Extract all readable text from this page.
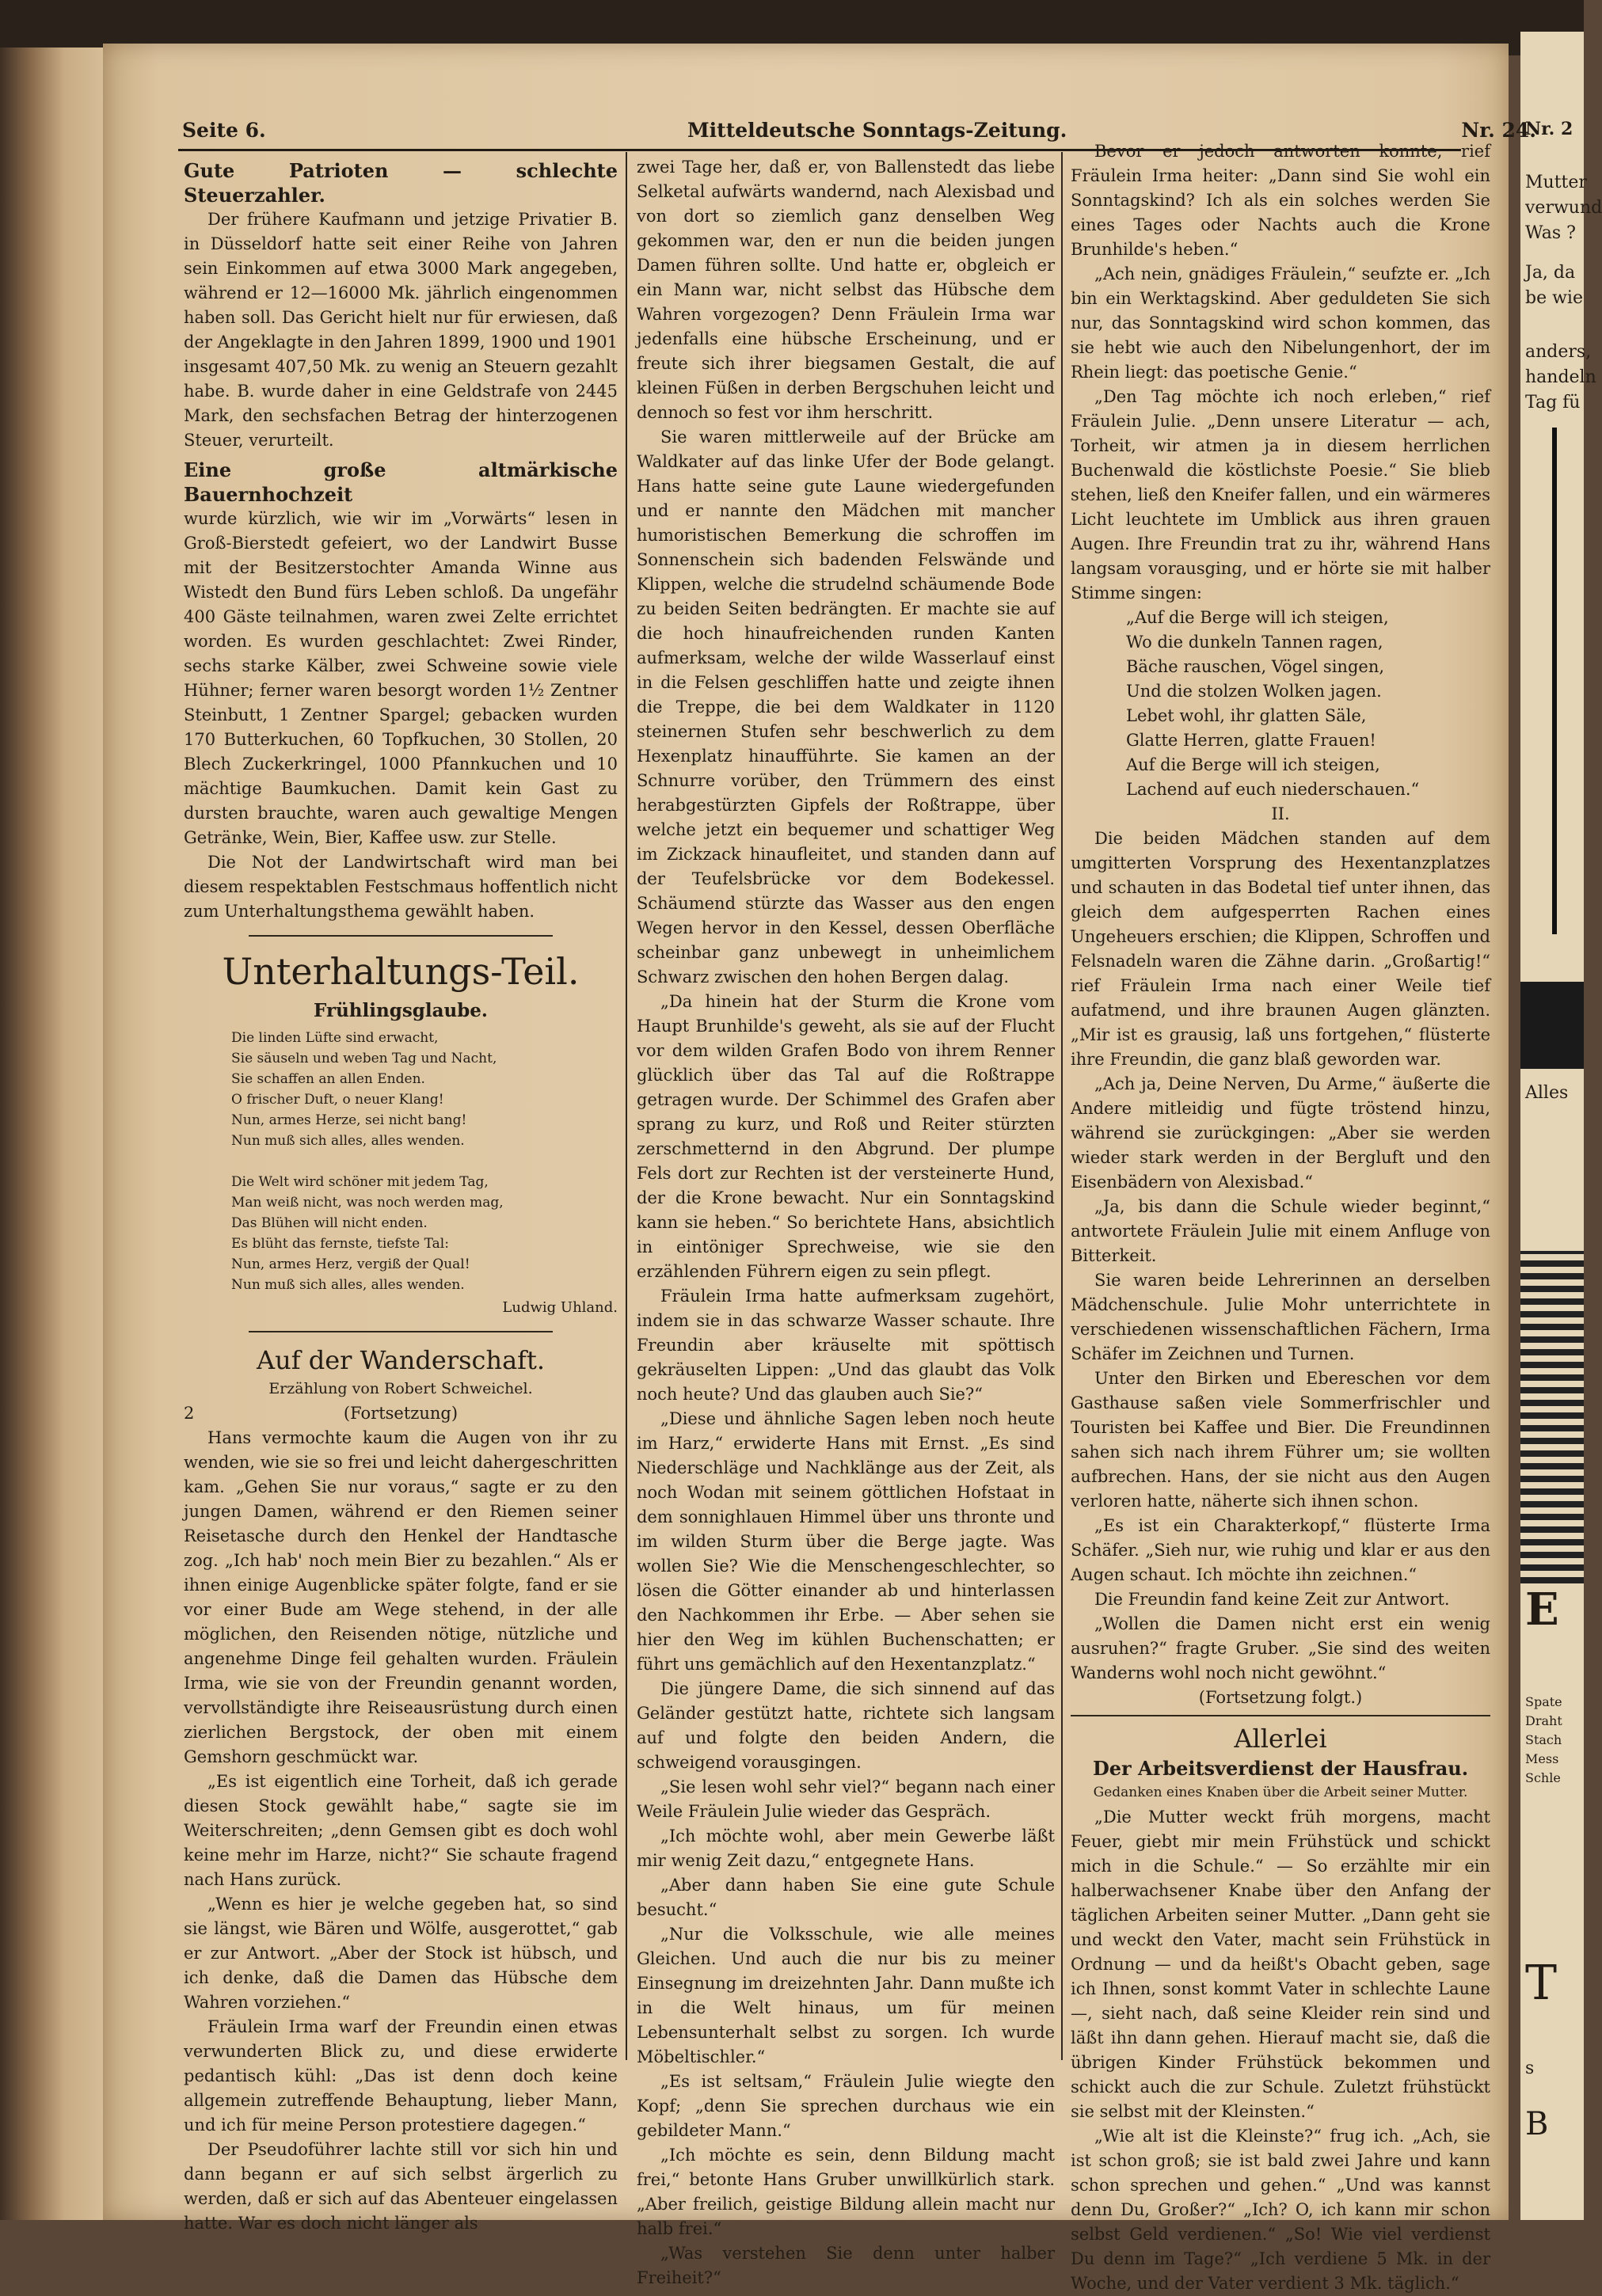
Nr. 2
Mutter
verwund
Was ?
Ja, da
be wie
anders,
handeln
Tag fü
Alles
E
Spate
Draht
Stach
Mess
Schle
T
s
B
Seite 6.	Mitteldeutsche Sonntags-Zeitung.	Nr. 24.

Gute Patrioten — schlechte Steuerzahler.

Der frühere Kaufmann und jetzige Privatier B. in Düsseldorf hatte seit einer Reihe von Jahren sein Einkommen auf etwa 3000 Mark angegeben, während er 12—16000 Mk. jährlich eingenommen haben soll. Das Gericht hielt nur für erwiesen, daß der Angeklagte in den Jahren 1899, 1900 und 1901 insgesamt 407,50 Mk. zu wenig an Steuern gezahlt habe. B. wurde daher in eine Geldstrafe von 2445 Mark, den sechsfachen Betrag der hinterzogenen Steuer, verurteilt.

Eine große altmärkische Bauernhochzeit

wurde kürzlich, wie wir im „Vorwärts“ lesen in Groß-Bierstedt gefeiert, wo der Landwirt Busse mit der Besitzerstochter Amanda Winne aus Wistedt den Bund fürs Leben schloß. Da ungefähr 400 Gäste teilnahmen, waren zwei Zelte errichtet worden. Es wurden geschlachtet: Zwei Rinder, sechs starke Kälber, zwei Schweine sowie viele Hühner; ferner waren besorgt worden 1½ Zentner Steinbutt, 1 Zentner Spargel; gebacken wurden 170 Butterkuchen, 60 Topfkuchen, 30 Stollen, 20 Blech Zuckerkringel, 1000 Pfannkuchen und 10 mächtige Baumkuchen. Damit kein Gast zu dursten brauchte, waren auch gewaltige Mengen Getränke, Wein, Bier, Kaffee usw. zur Stelle.

Die Not der Landwirtschaft wird man bei diesem respektablen Festschmaus hoffentlich nicht zum Unterhaltungsthema gewählt haben.

Unterhaltungs-Teil.

Frühlingsglaube.

Die linden Lüfte sind erwacht,
Sie säuseln und weben Tag und Nacht,
Sie schaffen an allen Enden.
O frischer Duft, o neuer Klang!
Nun, armes Herze, sei nicht bang!
Nun muß sich alles, alles wenden.

Die Welt wird schöner mit jedem Tag,
Man weiß nicht, was noch werden mag,
Das Blühen will nicht enden.
Es blüht das fernste, tiefste Tal:
Nun, armes Herz, vergiß der Qual!
Nun muß sich alles, alles wenden.

Ludwig Uhland.

Auf der Wanderschaft.

Erzählung von Robert Schweichel.

2	(Fortsetzung)

Hans vermochte kaum die Augen von ihr zu wenden, wie sie so frei und leicht dahergeschritten kam. „Gehen Sie nur voraus,“ sagte er zu den jungen Damen, während er den Riemen seiner Reisetasche durch den Henkel der Handtasche zog. „Ich hab' noch mein Bier zu bezahlen.“ Als er ihnen einige Augenblicke später folgte, fand er sie vor einer Bude am Wege stehend, in der alle möglichen, den Reisenden nötige, nützliche und angenehme Dinge feil gehalten wurden. Fräulein Irma, wie sie von der Freundin genannt worden, vervollständigte ihre Reiseausrüstung durch einen zierlichen Bergstock, der oben mit einem Gemshorn geschmückt war.

„Es ist eigentlich eine Torheit, daß ich gerade diesen Stock gewählt habe,“ sagte sie im Weiterschreiten; „denn Gemsen gibt es doch wohl keine mehr im Harze, nicht?“ Sie schaute fragend nach Hans zurück.

„Wenn es hier je welche gegeben hat, so sind sie längst, wie Bären und Wölfe, ausgerottet,“ gab er zur Antwort. „Aber der Stock ist hübsch, und ich denke, daß die Damen das Hübsche dem Wahren vorziehen.“

Fräulein Irma warf der Freundin einen etwas verwunderten Blick zu, und diese erwiderte pedantisch kühl: „Das ist denn doch keine allgemein zutreffende Behauptung, lieber Mann, und ich für meine Person protestiere dagegen.“

Der Pseudoführer lachte still vor sich hin und dann begann er auf sich selbst ärgerlich zu werden, daß er sich auf das Abenteuer eingelassen hatte. War es doch nicht länger als

zwei Tage her, daß er, von Ballenstedt das liebe Selketal aufwärts wandernd, nach Alexisbad und von dort so ziemlich ganz denselben Weg gekommen war, den er nun die beiden jungen Damen führen sollte. Und hatte er, obgleich er ein Mann war, nicht selbst das Hübsche dem Wahren vorgezogen? Denn Fräulein Irma war jedenfalls eine hübsche Erscheinung, und er freute sich ihrer biegsamen Gestalt, die auf kleinen Füßen in derben Bergschuhen leicht und dennoch so fest vor ihm herschritt.

Sie waren mittlerweile auf der Brücke am Waldkater auf das linke Ufer der Bode gelangt. Hans hatte seine gute Laune wiedergefunden und er nannte den Mädchen mit mancher humoristischen Bemerkung die schroffen im Sonnenschein sich badenden Felswände und Klippen, welche die strudelnd schäumende Bode zu beiden Seiten bedrängten. Er machte sie auf die hoch hinaufreichenden runden Kanten aufmerksam, welche der wilde Wasserlauf einst in die Felsen geschliffen hatte und zeigte ihnen die Treppe, die bei dem Waldkater in 1120 steinernen Stufen sehr beschwerlich zu dem Hexenplatz hinaufführte. Sie kamen an der Schnurre vorüber, den Trümmern des einst herabgestürzten Gipfels der Roßtrappe, über welche jetzt ein bequemer und schattiger Weg im Zickzack hinaufleitet, und standen dann auf der Teufelsbrücke vor dem Bodekessel. Schäumend stürzte das Wasser aus den engen Wegen hervor in den Kessel, dessen Oberfläche scheinbar ganz unbewegt in unheimlichem Schwarz zwischen den hohen Bergen dalag.

„Da hinein hat der Sturm die Krone vom Haupt Brunhilde's geweht, als sie auf der Flucht vor dem wilden Grafen Bodo von ihrem Renner glücklich über das Tal auf die Roßtrappe getragen wurde. Der Schimmel des Grafen aber sprang zu kurz, und Roß und Reiter stürzten zerschmetternd in den Abgrund. Der plumpe Fels dort zur Rechten ist der versteinerte Hund, der die Krone bewacht. Nur ein Sonntagskind kann sie heben.“ So berichtete Hans, absichtlich in eintöniger Sprechweise, wie sie den erzählenden Führern eigen zu sein pflegt.

Fräulein Irma hatte aufmerksam zugehört, indem sie in das schwarze Wasser schaute. Ihre Freundin aber kräuselte mit spöttisch gekräuselten Lippen: „Und das glaubt das Volk noch heute? Und das glauben auch Sie?“

„Diese und ähnliche Sagen leben noch heute im Harz,“ erwiderte Hans mit Ernst. „Es sind Niederschläge und Nachklänge aus der Zeit, als noch Wodan mit seinem göttlichen Hofstaat in dem sonnighlauen Himmel über uns thronte und im wilden Sturm über die Berge jagte. Was wollen Sie? Wie die Menschengeschlechter, so lösen die Götter einander ab und hinterlassen den Nachkommen ihr Erbe. — Aber sehen sie hier den Weg im kühlen Buchenschatten; er führt uns gemächlich auf den Hexentanzplatz.“

Die jüngere Dame, die sich sinnend auf das Geländer gestützt hatte, richtete sich langsam auf und folgte den beiden Andern, die schweigend vorausgingen.

„Sie lesen wohl sehr viel?“ begann nach einer Weile Fräulein Julie wieder das Gespräch.

„Ich möchte wohl, aber mein Gewerbe läßt mir wenig Zeit dazu,“ entgegnete Hans.

„Aber dann haben Sie eine gute Schule besucht.“

„Nur die Volksschule, wie alle meines Gleichen. Und auch die nur bis zu meiner Einsegnung im dreizehnten Jahr. Dann mußte ich in die Welt hinaus, um für meinen Lebensunterhalt selbst zu sorgen. Ich wurde Möbeltischler.“

„Es ist seltsam,“ Fräulein Julie wiegte den Kopf; „denn Sie sprechen durchaus wie ein gebildeter Mann.“

„Ich möchte es sein, denn Bildung macht frei,“ betonte Hans Gruber unwillkürlich stark. „Aber freilich, geistige Bildung allein macht nur halb frei.“

„Was verstehen Sie denn unter halber Freiheit?“

Bevor er jedoch antworten konnte, rief Fräulein Irma heiter: „Dann sind Sie wohl ein Sonntagskind? Ich als ein solches werden Sie eines Tages oder Nachts auch die Krone Brunhilde's heben.“

„Ach nein, gnädiges Fräulein,“ seufzte er. „Ich bin ein Werktagskind. Aber geduldeten Sie sich nur, das Sonntagskind wird schon kommen, das sie hebt wie auch den Nibelungenhort, der im Rhein liegt: das poetische Genie.“

„Den Tag möchte ich noch erleben,“ rief Fräulein Julie. „Denn unsere Literatur — ach, Torheit, wir atmen ja in diesem herrlichen Buchenwald die köstlichste Poesie.“ Sie blieb stehen, ließ den Kneifer fallen, und ein wärmeres Licht leuchtete im Umblick aus ihren grauen Augen. Ihre Freundin trat zu ihr, während Hans langsam vorausging, und er hörte sie mit halber Stimme singen:

„Auf die Berge will ich steigen,
Wo die dunkeln Tannen ragen,
Bäche rauschen, Vögel singen,
Und die stolzen Wolken jagen.
Lebet wohl, ihr glatten Säle,
Glatte Herren, glatte Frauen!
Auf die Berge will ich steigen,
Lachend auf euch niederschauen.“

II.

Die beiden Mädchen standen auf dem umgitterten Vorsprung des Hexentanzplatzes und schauten in das Bodetal tief unter ihnen, das gleich dem aufgesperrten Rachen eines Ungeheuers erschien; die Klippen, Schroffen und Felsnadeln waren die Zähne darin. „Großartig!“ rief Fräulein Irma nach einer Weile tief aufatmend, und ihre braunen Augen glänzten. „Mir ist es grausig, laß uns fortgehen,“ flüsterte ihre Freundin, die ganz blaß geworden war.

„Ach ja, Deine Nerven, Du Arme,“ äußerte die Andere mitleidig und fügte tröstend hinzu, während sie zurückgingen: „Aber sie werden wieder stark werden in der Bergluft und den Eisenbädern von Alexisbad.“

„Ja, bis dann die Schule wieder beginnt,“ antwortete Fräulein Julie mit einem Anfluge von Bitterkeit.

Sie waren beide Lehrerinnen an derselben Mädchenschule. Julie Mohr unterrichtete in verschiedenen wissenschaftlichen Fächern, Irma Schäfer im Zeichnen und Turnen.

Unter den Birken und Ebereschen vor dem Gasthause saßen viele Sommerfrischler und Touristen bei Kaffee und Bier. Die Freundinnen sahen sich nach ihrem Führer um; sie wollten aufbrechen. Hans, der sie nicht aus den Augen verloren hatte, näherte sich ihnen schon.

„Es ist ein Charakterkopf,“ flüsterte Irma Schäfer. „Sieh nur, wie ruhig und klar er aus den Augen schaut. Ich möchte ihn zeichnen.“

Die Freundin fand keine Zeit zur Antwort.

„Wollen die Damen nicht erst ein wenig ausruhen?“ fragte Gruber. „Sie sind des weiten Wanderns wohl noch nicht gewöhnt.“

(Fortsetzung folgt.)

Allerlei

Der Arbeitsverdienst der Hausfrau.

Gedanken eines Knaben über die Arbeit seiner Mutter.

„Die Mutter weckt früh morgens, macht Feuer, giebt mir mein Frühstück und schickt mich in die Schule.“ — So erzählte mir ein halberwachsener Knabe über den Anfang der täglichen Arbeiten seiner Mutter. „Dann geht sie und weckt den Vater, macht sein Frühstück in Ordnung — und da heißt's Obacht geben, sage ich Ihnen, sonst kommt Vater in schlechte Laune —, sieht nach, daß seine Kleider rein sind und läßt ihn dann gehen. Hierauf macht sie, daß die übrigen Kinder Frühstück bekommen und schickt auch die zur Schule. Zuletzt frühstückt sie selbst mit der Kleinsten.“

„Wie alt ist die Kleinste?“ frug ich. „Ach, sie ist schon groß; sie ist bald zwei Jahre und kann schon sprechen und gehen.“ „Und was kannst denn Du, Großer?“ „Ich? O, ich kann mir schon selbst Geld verdienen.“ „So! Wie viel verdienst Du denn im Tage?“ „Ich verdiene 5 Mk. in der Woche, und der Vater verdient 3 Mk. täglich.“
